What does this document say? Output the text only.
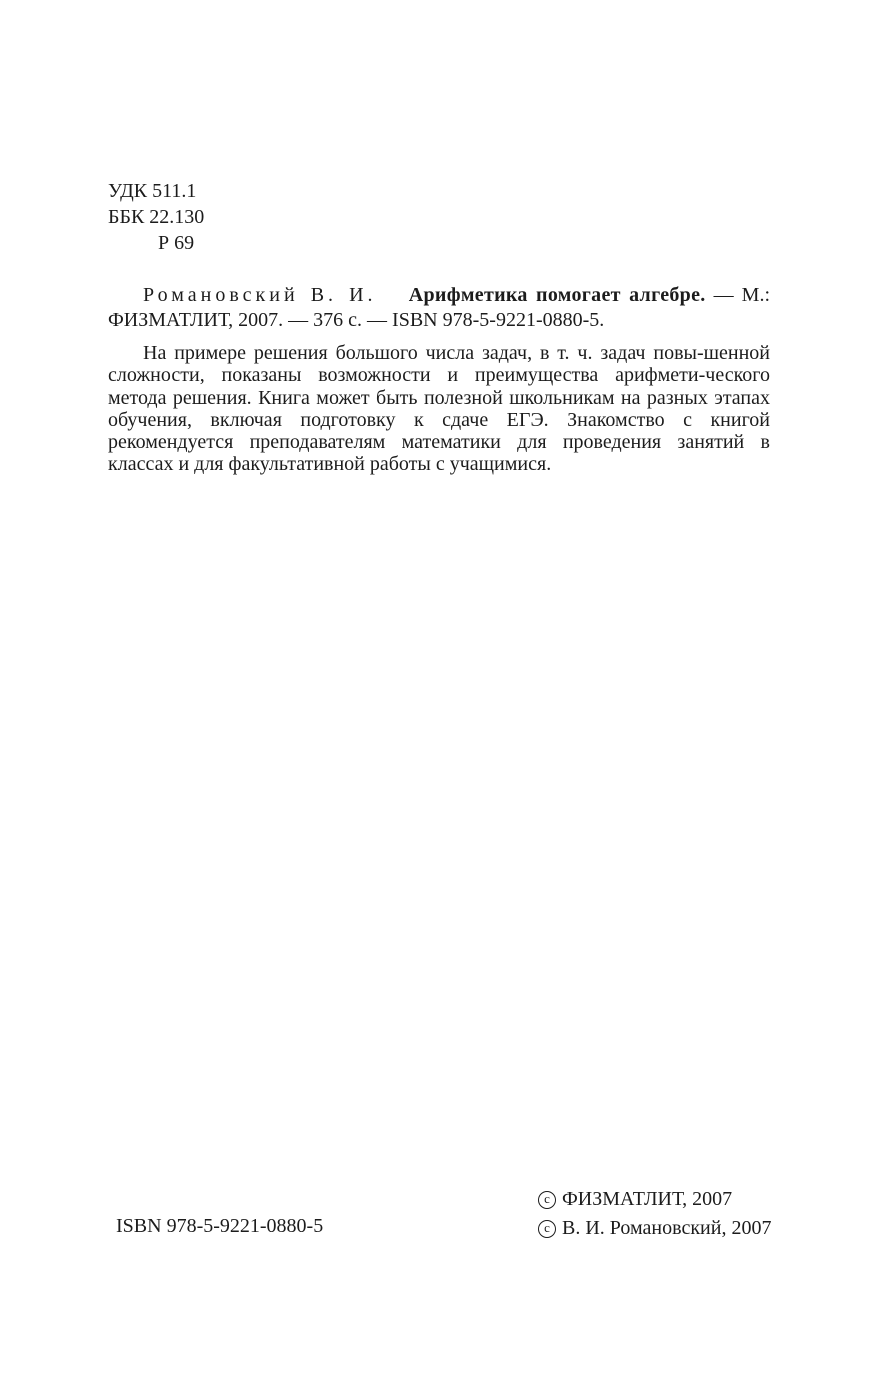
УДК 511.1
ББК 22.130
Р 69
Романовский В. И. Арифметика помогает алгебре. — М.: ФИЗМАТЛИТ, 2007. — 376 с. — ISBN 978-5-9221-0880-5.
На примере решения большого числа задач, в т. ч. задач повы-шенной сложности, показаны возможности и преимущества арифмети-ческого метода решения. Книга может быть полезной школьникам на разных этапах обучения, включая подготовку к сдаче ЕГЭ. Знакомство с книгой рекомендуется преподавателям математики для проведения занятий в классах и для факультативной работы с учащимися.
ISBN 978-5-9221-0880-5
c
ФИЗМАТЛИТ, 2007
c
В. И. Романовский, 2007
